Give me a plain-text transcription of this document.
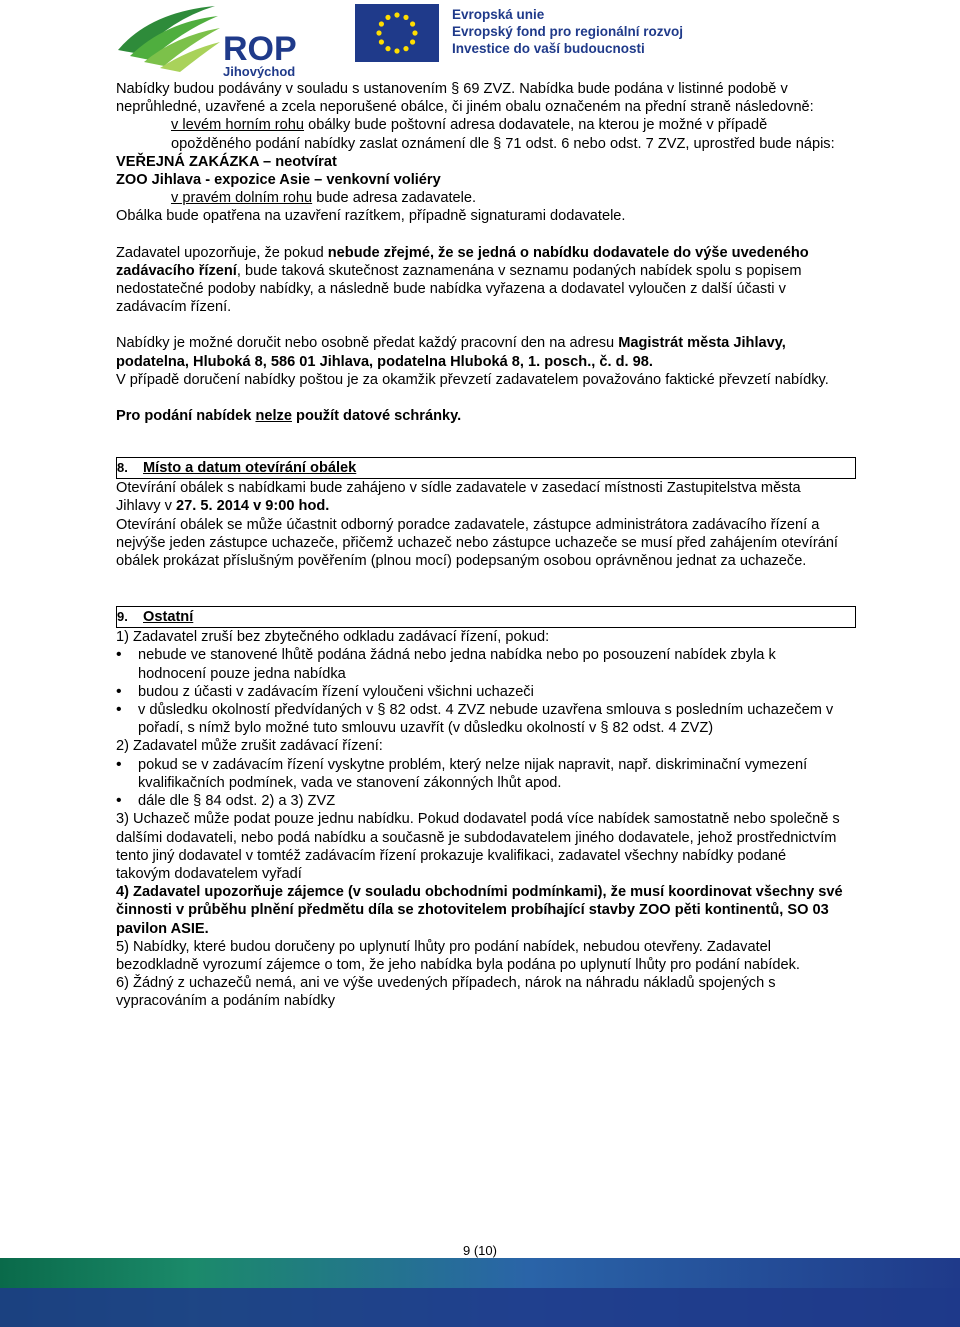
ROP
Jihovýchod
Evropská unie
Evropský fond pro regionální rozvoj
Investice do vaší budoucnosti

Nabídky budou podávány v souladu s ustanovením § 69 ZVZ. Nabídka bude podána v listinné podobě v neprůhledné, uzavřené a zcela neporušené obálce, či jiném obalu označeném na přední straně následovně:

v levém horním rohu obálky bude poštovní adresa dodavatele, na kterou je možné v případě opožděného podání nabídky zaslat oznámení dle § 71 odst. 6 nebo odst. 7 ZVZ, uprostřed bude nápis:

VEŘEJNÁ ZAKÁZKA – neotvírat

ZOO Jihlava - expozice Asie – venkovní voliéry

v pravém dolním rohu bude adresa zadavatele.

Obálka bude opatřena na uzavření razítkem, případně signaturami dodavatele.

Zadavatel upozorňuje, že pokud nebude zřejmé, že se jedná o nabídku dodavatele do výše uvedeného zadávacího řízení, bude taková skutečnost zaznamenána v seznamu podaných nabídek spolu s popisem nedostatečné podoby nabídky, a následně bude nabídka vyřazena a dodavatel vyloučen z další účasti v zadávacím řízení.

Nabídky je možné doručit nebo osobně předat každý pracovní den na adresu Magistrát města Jihlavy, podatelna, Hluboká 8, 586 01 Jihlava, podatelna Hluboká 8, 1. posch., č. d. 98.

V případě doručení nabídky poštou je za okamžik převzetí zadavatelem považováno faktické převzetí nabídky.

Pro podání nabídek nelze použít datové schránky.

8. Místo a datum otevírání obálek

Otevírání obálek s nabídkami bude zahájeno v sídle zadavatele v zasedací místnosti Zastupitelstva města Jihlavy v 27. 5. 2014 v 9:00 hod.

Otevírání obálek se může účastnit odborný poradce zadavatele, zástupce administrátora zadávacího řízení a nejvýše jeden zástupce uchazeče, přičemž uchazeč nebo zástupce uchazeče se musí před zahájením otevírání obálek prokázat příslušným pověřením (plnou mocí) podepsaným osobou oprávněnou jednat za uchazeče.

9. Ostatní

1) Zadavatel zruší bez zbytečného odkladu zadávací řízení, pokud:

• nebude ve stanovené lhůtě podána žádná nebo jedna nabídka nebo po posouzení nabídek zbyla k hodnocení pouze jedna nabídka
• budou z účasti v zadávacím řízení vyloučeni všichni uchazeči
• v důsledku okolností předvídaných v § 82 odst. 4 ZVZ nebude uzavřena smlouva s posledním uchazečem v pořadí, s nímž bylo možné tuto smlouvu uzavřít (v důsledku okolností v § 82 odst. 4 ZVZ)

2) Zadavatel může zrušit zadávací řízení:

• pokud se v zadávacím řízení vyskytne problém, který nelze nijak napravit, např. diskriminační vymezení kvalifikačních podmínek, vada ve stanovení zákonných lhůt apod.
• dále dle § 84 odst. 2) a 3) ZVZ

3) Uchazeč může podat pouze jednu nabídku. Pokud dodavatel podá více nabídek samostatně nebo společně s dalšími dodavateli, nebo podá nabídku a současně je subdodavatelem jiného dodavatele, jehož prostřednictvím tento jiný dodavatel v tomtéž zadávacím řízení prokazuje kvalifikaci, zadavatel všechny nabídky podané takovým dodavatelem vyřadí

4) Zadavatel upozorňuje zájemce (v souladu obchodními podmínkami), že musí koordinovat všechny své činnosti v průběhu plnění předmětu díla se zhotovitelem probíhající stavby ZOO pěti kontinentů, SO 03 pavilon ASIE.

5) Nabídky, které budou doručeny po uplynutí lhůty pro podání nabídek, nebudou otevřeny. Zadavatel bezodkladně vyrozumí zájemce o tom, že jeho nabídka byla podána po uplynutí lhůty pro podání nabídek.

6) Žádný z uchazečů nemá, ani ve výše uvedených případech, nárok na náhradu nákladů spojených s vypracováním a podáním nabídky

9 (10)
